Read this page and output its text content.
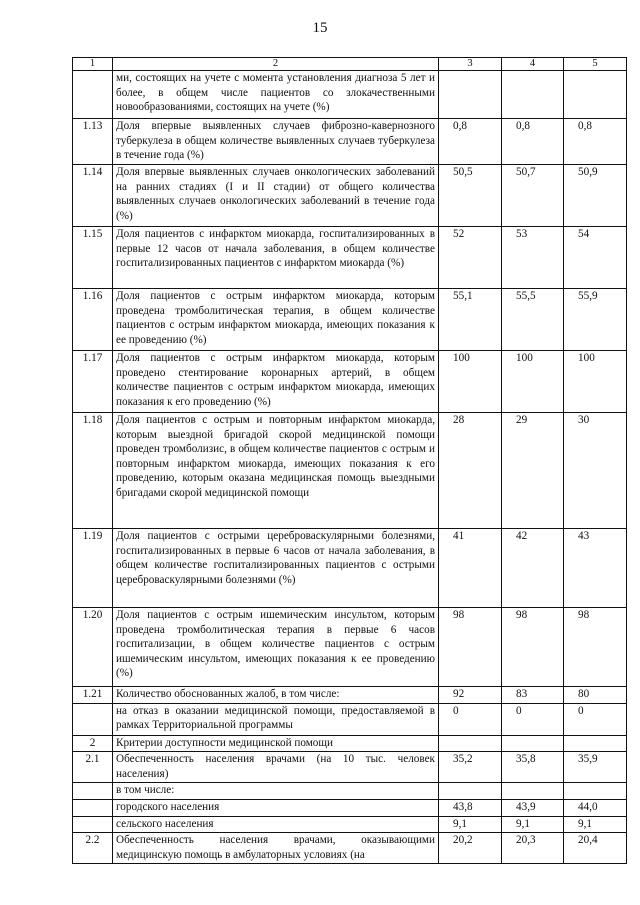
15
1	2	3	4	5
	ми, состоящих на учете с момента установления диагноза 5 лет и более, в общем числе пациентов со злокачественными новообразованиями, состоящих на учете (%)			
1.13	Доля впервые выявленных случаев фиброзно-кавернозного туберкулеза в общем количестве выявленных случаев туберкулеза в течение года (%)	0,8	0,8	0,8
1.14	Доля впервые выявленных случаев онкологических заболеваний на ранних стадиях (I и II стадии) от общего количества выявленных случаев онкологических заболеваний в течение года (%)	50,5	50,7	50,9
1.15	Доля пациентов с инфарктом миокарда, госпитализированных в первые 12 часов от начала заболевания, в общем количестве госпитализированных пациентов с инфарктом миокарда (%)	52	53	54
1.16	Доля пациентов с острым инфарктом миокарда, которым проведена тромболитическая терапия, в общем количестве пациентов с острым инфарктом миокарда, имеющих показания к ее проведению (%)	55,1	55,5	55,9
1.17	Доля пациентов с острым инфарктом миокарда, которым проведено стентирование коронарных артерий, в общем количестве пациентов с острым инфарктом миокарда, имеющих показания к его проведению (%)	100	100	100
1.18	Доля пациентов с острым и повторным инфарктом миокарда, которым выездной бригадой скорой медицинской помощи проведен тромболизис, в общем количестве пациентов с острым и повторным инфарктом миокарда, имеющих показания к его проведению, которым оказана медицинская помощь выездными бригадами скорой медицинской помощи	28	29	30
1.19	Доля пациентов с острыми цереброваскулярными болезнями, госпитализированных в первые 6 часов от начала заболевания, в общем количестве госпитализированных пациентов с острыми цереброваскулярными болезнями (%)	41	42	43
1.20	Доля пациентов с острым ишемическим инсультом, которым проведена тромболитическая терапия в первые 6 часов госпитализации, в общем количестве пациентов с острым ишемическим инсультом, имеющих показания к ее проведению (%)	98	98	98
1.21	Количество обоснованных жалоб, в том числе:	92	83	80
	на отказ в оказании медицинской помощи, предоставляемой в рамках Территориальной программы	0	0	0
2	Критерии доступности медицинской помощи			
2.1	Обеспеченность населения врачами (на 10 тыс. человек населения)	35,2	35,8	35,9
	в том числе:			
	городского населения	43,8	43,9	44,0
	сельского населения	9,1	9,1	9,1
2.2	Обеспеченность населения врачами, оказывающими медицинскую помощь в амбулаторных условиях (на	20,2	20,3	20,4
